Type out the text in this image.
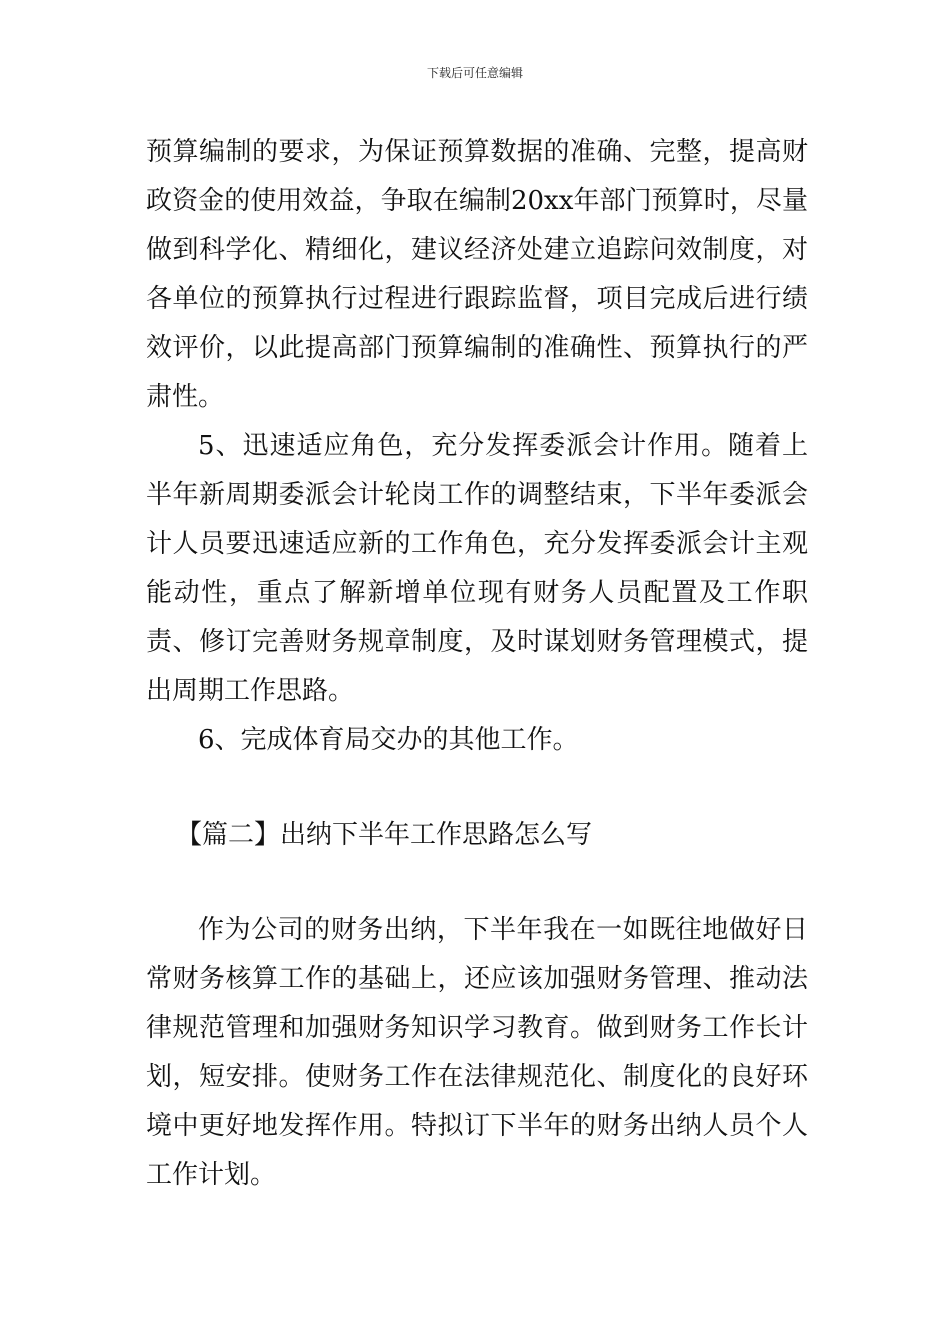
下载后可任意编辑

预算编制的要求，为保证预算数据的准确、完整，提高财政资金的使用效益，争取在编制20xx年部门预算时，尽量做到科学化、精细化，建议经济处建立追踪问效制度，对各单位的预算执行过程进行跟踪监督，项目完成后进行绩效评价，以此提高部门预算编制的准确性、预算执行的严肃性。

5、迅速适应角色，充分发挥委派会计作用。随着上半年新周期委派会计轮岗工作的调整结束，下半年委派会计人员要迅速适应新的工作角色，充分发挥委派会计主观能动性，重点了解新增单位现有财务人员配置及工作职责、修订完善财务规章制度，及时谋划财务管理模式，提出周期工作思路。

6、完成体育局交办的其他工作。

【篇二】出纳下半年工作思路怎么写

作为公司的财务出纳，下半年我在一如既往地做好日常财务核算工作的基础上，还应该加强财务管理、推动法律规范管理和加强财务知识学习教育。做到财务工作长计划，短安排。使财务工作在法律规范化、制度化的良好环境中更好地发挥作用。特拟订下半年的财务出纳人员个人工作计划。
